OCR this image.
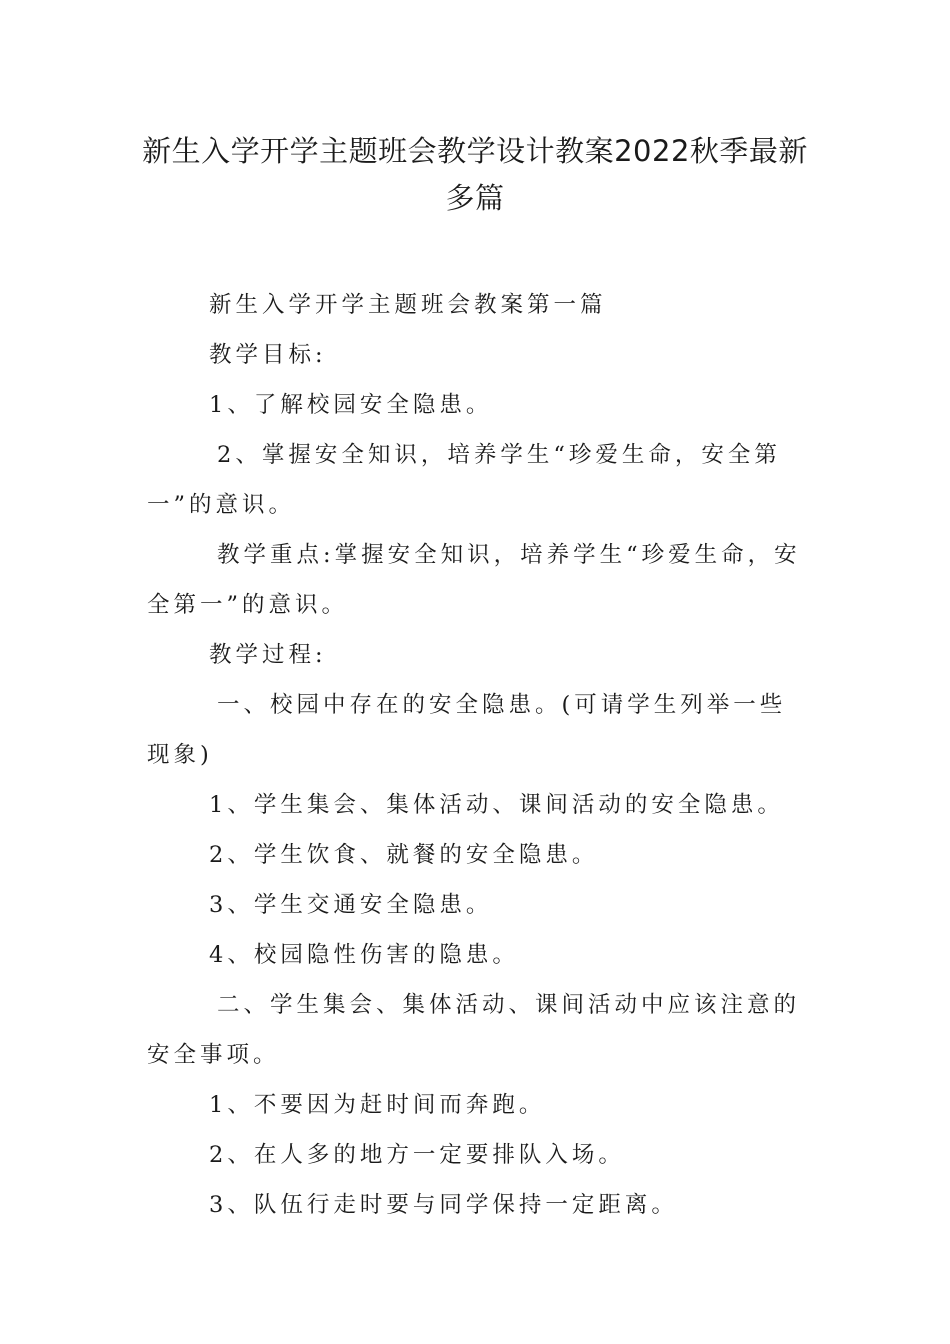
新生入学开学主题班会教学设计教案2022秋季最新多篇

新生入学开学主题班会教案第一篇

教学目标:

1、了解校园安全隐患。

2、掌握安全知识，培养学生“珍爱生命，安全第一”的意识。

教学重点:掌握安全知识，培养学生“珍爱生命，安全第一”的意识。

教学过程:

一、校园中存在的安全隐患。(可请学生列举一些现象)

1、学生集会、集体活动、课间活动的安全隐患。

2、学生饮食、就餐的安全隐患。

3、学生交通安全隐患。

4、校园隐性伤害的隐患。

二、学生集会、集体活动、课间活动中应该注意的安全事项。

1、不要因为赶时间而奔跑。

2、在人多的地方一定要排队入场。

3、队伍行走时要与同学保持一定距离。
